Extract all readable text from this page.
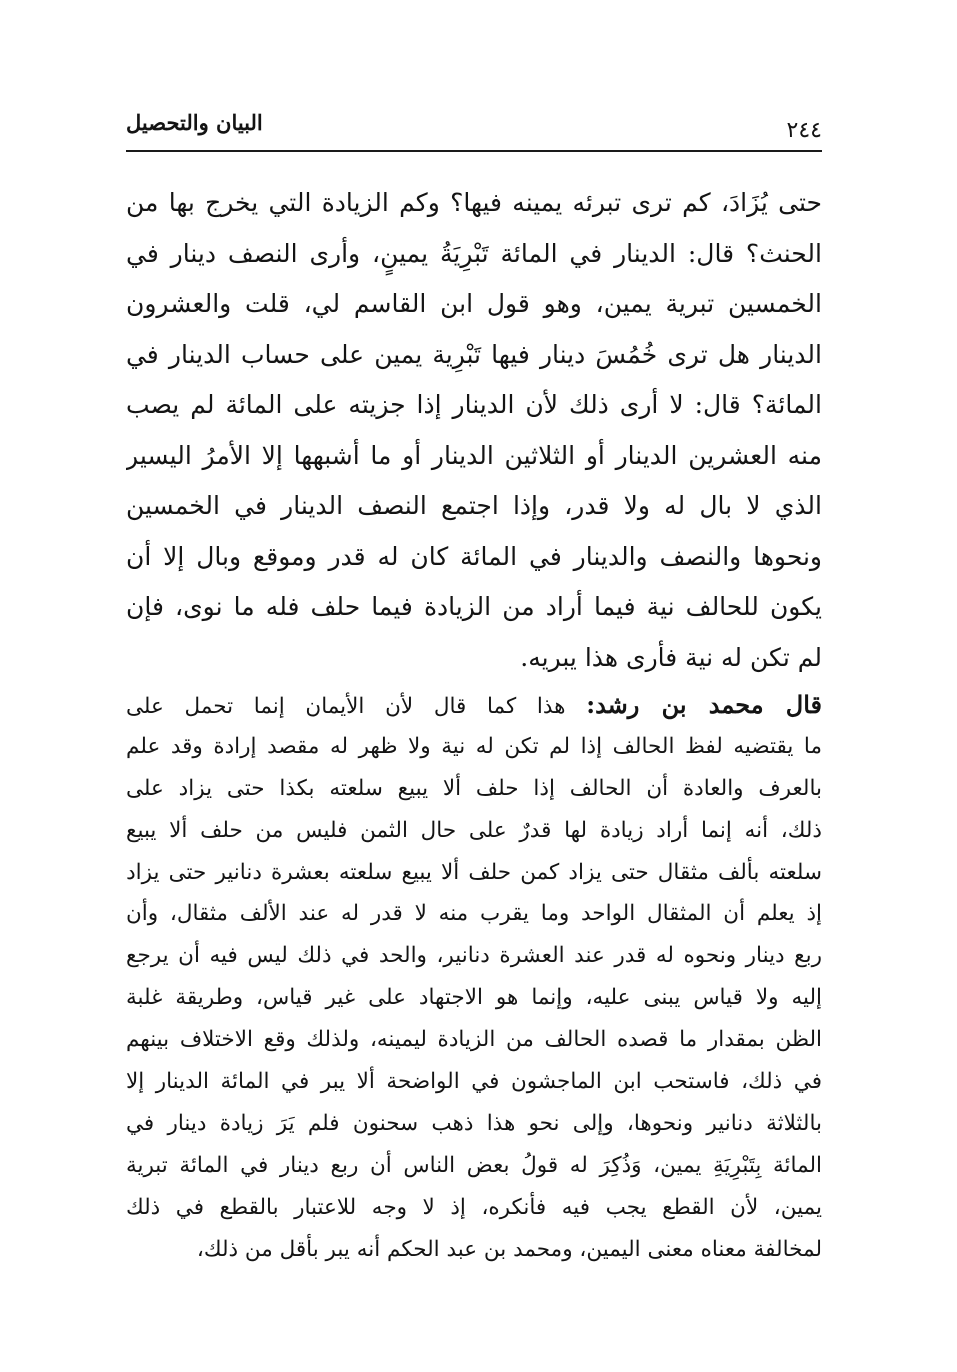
البيان والتحصيل	٢٤٤
حتى يُزَادَ، كم ترى تبرئه يمينه فيها؟ وكم الزيادة التي يخرج بها من
الحنث؟ قال: الدينار في المائة تَبْرِيَةُ يمينٍ، وأرى النصف دينار في
الخمسين تبرية يمين، وهو قول ابن القاسم لي، قلت والعشرون
الدينار هل ترى خُمُسَ دينار فيها تَبْرِية يمين على حساب الدينار في
المائة؟ قال: لا أرى ذلك لأن الدينار إذا جزيته على المائة لم يصب
منه العشرين الدينار أو الثلاثين الدينار أو ما أشبهها إلا الأمرُ اليسير
الذي لا بال له ولا قدر، وإذا اجتمع النصف الدينار في الخمسين
ونحوها والنصف والدينار في المائة كان له قدر وموقع وبال إلا أن
يكون للحالف نية فيما أراد من الزيادة فيما حلف فله ما نوى، فإن
لم تكن له نية فأرى هذا يبريه.
قال محمد بن رشد: هذا كما قال لأن الأيمان إنما تحمل على
ما يقتضيه لفظ الحالف إذا لم تكن له نية ولا ظهر له مقصد إرادة وقد علم
بالعرف والعادة أن الحالف إذا حلف ألا يبيع سلعته بكذا حتى يزاد على
ذلك، أنه إنما أراد زيادة لها قدرٌ على حال الثمن فليس من حلف ألا يبيع
سلعته بألف مثقال حتى يزاد كمن حلف ألا يبيع سلعته بعشرة دنانير حتى يزاد
إذ يعلم أن المثقال الواحد وما يقرب منه لا قدر له عند الألف مثقال، وأن
ربع دينار ونحوه له قدر عند العشرة دنانير، والحد في ذلك ليس فيه أن يرجع
إليه ولا قياس يبنى عليه، وإنما هو الاجتهاد على غير قياس، وطريقة غلبة
الظن بمقدار ما قصده الحالف من الزيادة ليمينه، ولذلك وقع الاختلاف بينهم
في ذلك، فاستحب ابن الماجشون في الواضحة ألا يبر في المائة الدينار إلا
بالثلاثة دنانير ونحوها، وإلى نحو هذا ذهب سحنون فلم يَرَ زيادة دينار في
المائة بِتَبْرِيَةِ يمين، وَذُكِرَ له قولُ بعض الناس أن ربع دينار في المائة تبرية
يمين، لأن القطع يجب فيه فأنكره، إذ لا وجه للاعتبار بالقطع في ذلك
لمخالفة معناه معنى اليمين، ومحمد بن عبد الحكم أنه يبر بأقل من ذلك،
